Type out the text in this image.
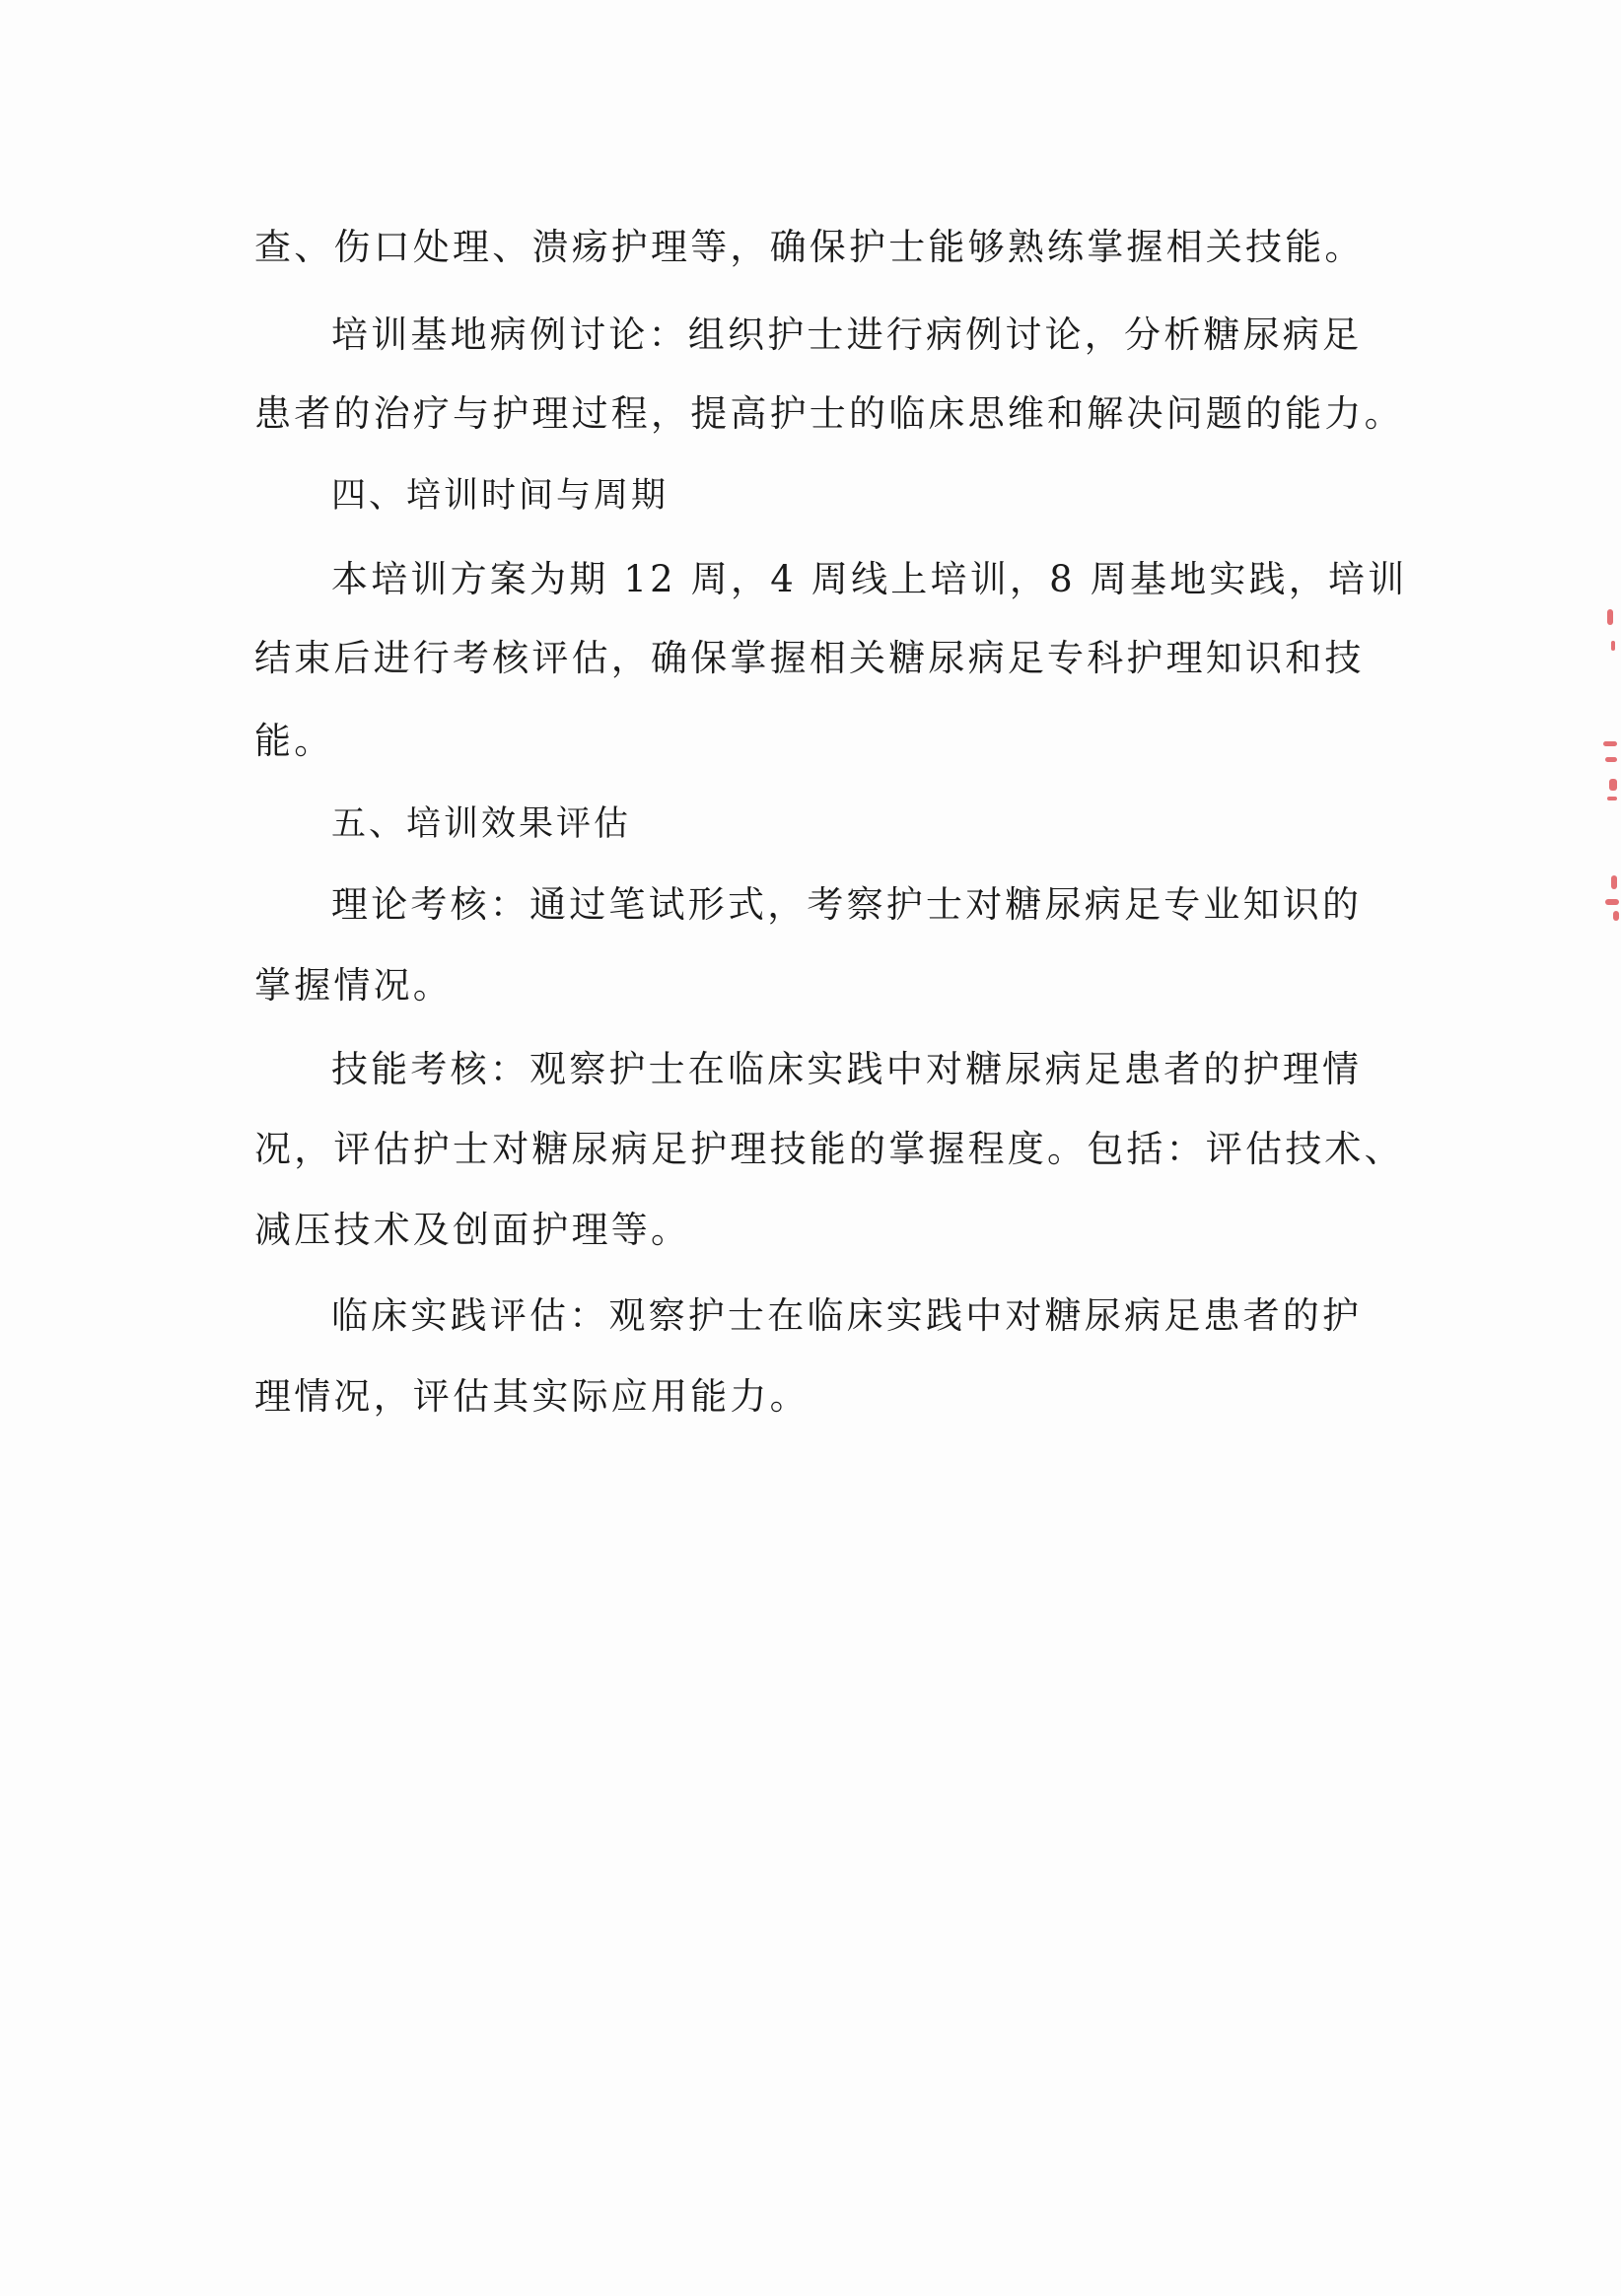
查、伤口处理、溃疡护理等，确保护士能够熟练掌握相关技能。
培训基地病例讨论：组织护士进行病例讨论，分析糖尿病足
患者的治疗与护理过程，提高护士的临床思维和解决问题的能力。
四、培训时间与周期
本培训方案为期 12 周，4 周线上培训，8 周基地实践，培训
结束后进行考核评估，确保掌握相关糖尿病足专科护理知识和技
能。
五、培训效果评估
理论考核：通过笔试形式，考察护士对糖尿病足专业知识的
掌握情况。
技能考核：观察护士在临床实践中对糖尿病足患者的护理情
况，评估护士对糖尿病足护理技能的掌握程度。包括：评估技术、
减压技术及创面护理等。
临床实践评估：观察护士在临床实践中对糖尿病足患者的护
理情况，评估其实际应用能力。
